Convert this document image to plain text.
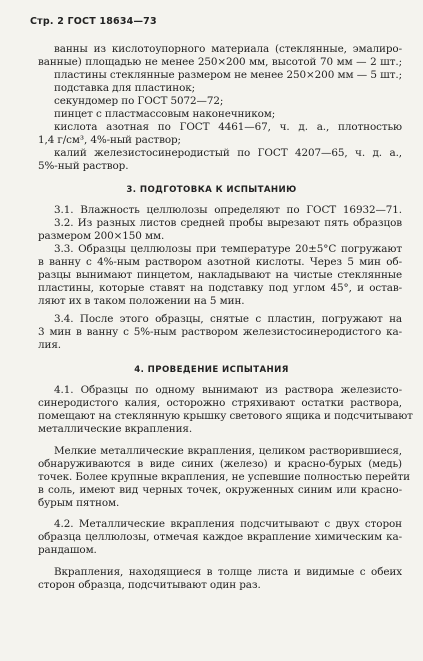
Стр. 2 ГОСТ 18634—73
ванны из кислотоупорного материала (стеклянные, эмалиро-
ванные) площадью не менее 250×200 мм, высотой 70 мм — 2 шт.;
пластины стеклянные размером не менее 250×200 мм — 5 шт.;
подставка для пластинок;
секундомер по ГОСТ 5072—72;
пинцет с пластмассовым наконечником;
кислота азотная по ГОСТ 4461—67, ч. д. а., плотностью
1,4 г/см³, 4%-ный раствор;
калий железистосинеродистый по ГОСТ 4207—65, ч. д. а.,
5%-ный раствор.
3. ПОДГОТОВКА К ИСПЫТАНИЮ
3.1. Влажность целлюлозы определяют по ГОСТ 16932—71.
3.2. Из разных листов средней пробы вырезают пять образцов
размером 200×150 мм.
3.3. Образцы целлюлозы при температуре 20±5°С погружают
в ванну с 4%-ным раствором азотной кислоты. Через 5 мин об-
разцы вынимают пинцетом, накладывают на чистые стеклянные
пластины, которые ставят на подставку под углом 45°, и остав-
ляют их в таком положении на 5 мин.
3.4. После этого образцы, снятые с пластин, погружают на
3 мин в ванну с 5%-ным раствором железистосинеродистого ка-
лия.
4. ПРОВЕДЕНИЕ ИСПЫТАНИЯ
4.1. Образцы по одному вынимают из раствора железисто-
синеродистого калия, осторожно стряхивают остатки раствора,
помещают на стеклянную крышку светового ящика и подсчитывают
металлические вкрапления.
Мелкие металлические вкрапления, целиком растворившиеся,
обнаруживаются в виде синих (железо) и красно-бурых (медь)
точек. Более крупные вкрапления, не успевшие полностью перейти
в соль, имеют вид черных точек, окруженных синим или красно-
бурым пятном.
4.2. Металлические вкрапления подсчитывают с двух сторон
образца целлюлозы, отмечая каждое вкрапление химическим ка-
рандашом.
Вкрапления, находящиеся в толще листа и видимые с обеих
сторон образца, подсчитывают один раз.
